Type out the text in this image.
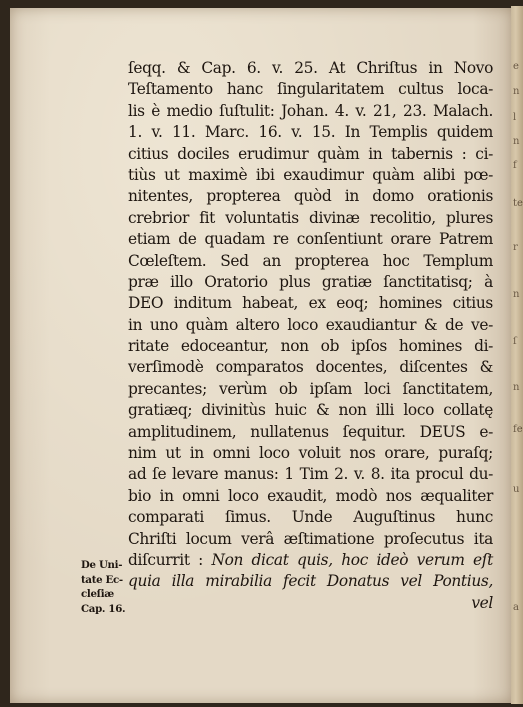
ſeqq. & Cap. 6. v. 25. At Chriſtus in Novo
Teſtamento hanc ſingularitatem cultus loca-
lis è medio ſuſtulit: Johan. 4. v. 21, 23. Malach.
1. v. 11. Marc. 16. v. 15. In Templis quidem
citius dociles erudimur quàm in tabernis : ci-
tiùs ut maximè ibi exaudimur quàm alibi pœ-
nitentes, propterea quòd in domo orationis
crebrior fit voluntatis divinæ recolitio, plures
etiam de quadam re conſentiunt orare Patrem
Cœleſtem. Sed an propterea hoc Templum
præ illo Oratorio plus gratiæ ſanctitatisq; à
DEO inditum habeat, ex eoq; homines citius
in uno quàm altero loco exaudiantur & de ve-
ritate edoceantur, non ob ipſos homines di-
verſimodè comparatos docentes, diſcentes &
precantes; verùm ob ipſam loci ſanctitatem,
gratiæq; divinitùs huic & non illi loco collatę
amplitudinem, nullatenus ſequitur. DEUS e-
nim ut in omni loco voluit nos orare, puraſq;
ad ſe levare manus: 1 Tim 2. v. 8. ita procul du-
bio in omni loco exaudit, modò nos æqualiter
comparati ſimus. Unde Auguſtinus hunc
Chriſti locum verâ æſtimatione proſecutus ita
diſcurrit : Non dicat quis, hoc ideò verum eſt
quia illa mirabilia fecit Donatus vel Pontius,
vel
De Uni-
tate Ec-
cleſiæ
Cap. 16.
e
n
l
n
f
te
r
n
ſ
n
fe
u
a
